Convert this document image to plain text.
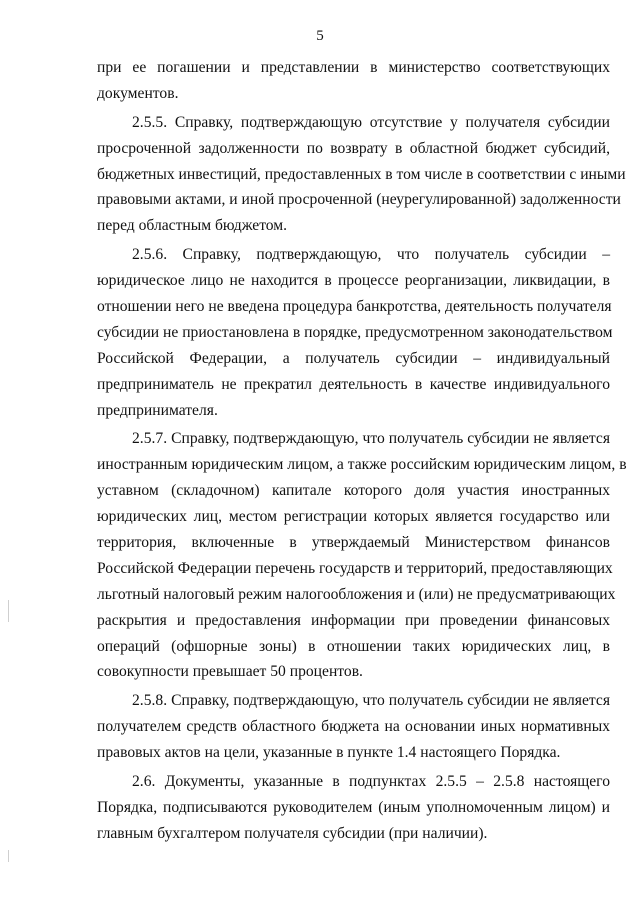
5
при ее погашении и представлении в министерство соответствующих
документов.
2.5.5. Справку, подтверждающую отсутствие у получателя субсидии
просроченной задолженности по возврату в областной бюджет субсидий,
бюджетных инвестиций, предоставленных в том числе в соответствии с иными
правовыми актами, и иной просроченной (неурегулированной) задолженности
перед областным бюджетом.
2.5.6. Справку, подтверждающую, что получатель субсидии –
юридическое лицо не находится в процессе реорганизации, ликвидации, в
отношении него не введена процедура банкротства, деятельность получателя
субсидии не приостановлена в порядке, предусмотренном законодательством
Российской Федерации, а получатель субсидии – индивидуальный
предприниматель не прекратил деятельность в качестве индивидуального
предпринимателя.
2.5.7. Справку, подтверждающую, что получатель субсидии не является
иностранным юридическим лицом, а также российским юридическим лицом, в
уставном (складочном) капитале которого доля участия иностранных
юридических лиц, местом регистрации которых является государство или
территория, включенные в утверждаемый Министерством финансов
Российской Федерации перечень государств и территорий, предоставляющих
льготный налоговый режим налогообложения и (или) не предусматривающих
раскрытия и предоставления информации при проведении финансовых
операций (офшорные зоны) в отношении таких юридических лиц, в
совокупности превышает 50 процентов.
2.5.8. Справку, подтверждающую, что получатель субсидии не является
получателем средств областного бюджета на основании иных нормативных
правовых актов на цели, указанные в пункте 1.4 настоящего Порядка.
2.6. Документы, указанные в подпунктах 2.5.5 – 2.5.8 настоящего
Порядка, подписываются руководителем (иным уполномоченным лицом) и
главным бухгалтером получателя субсидии (при наличии).
